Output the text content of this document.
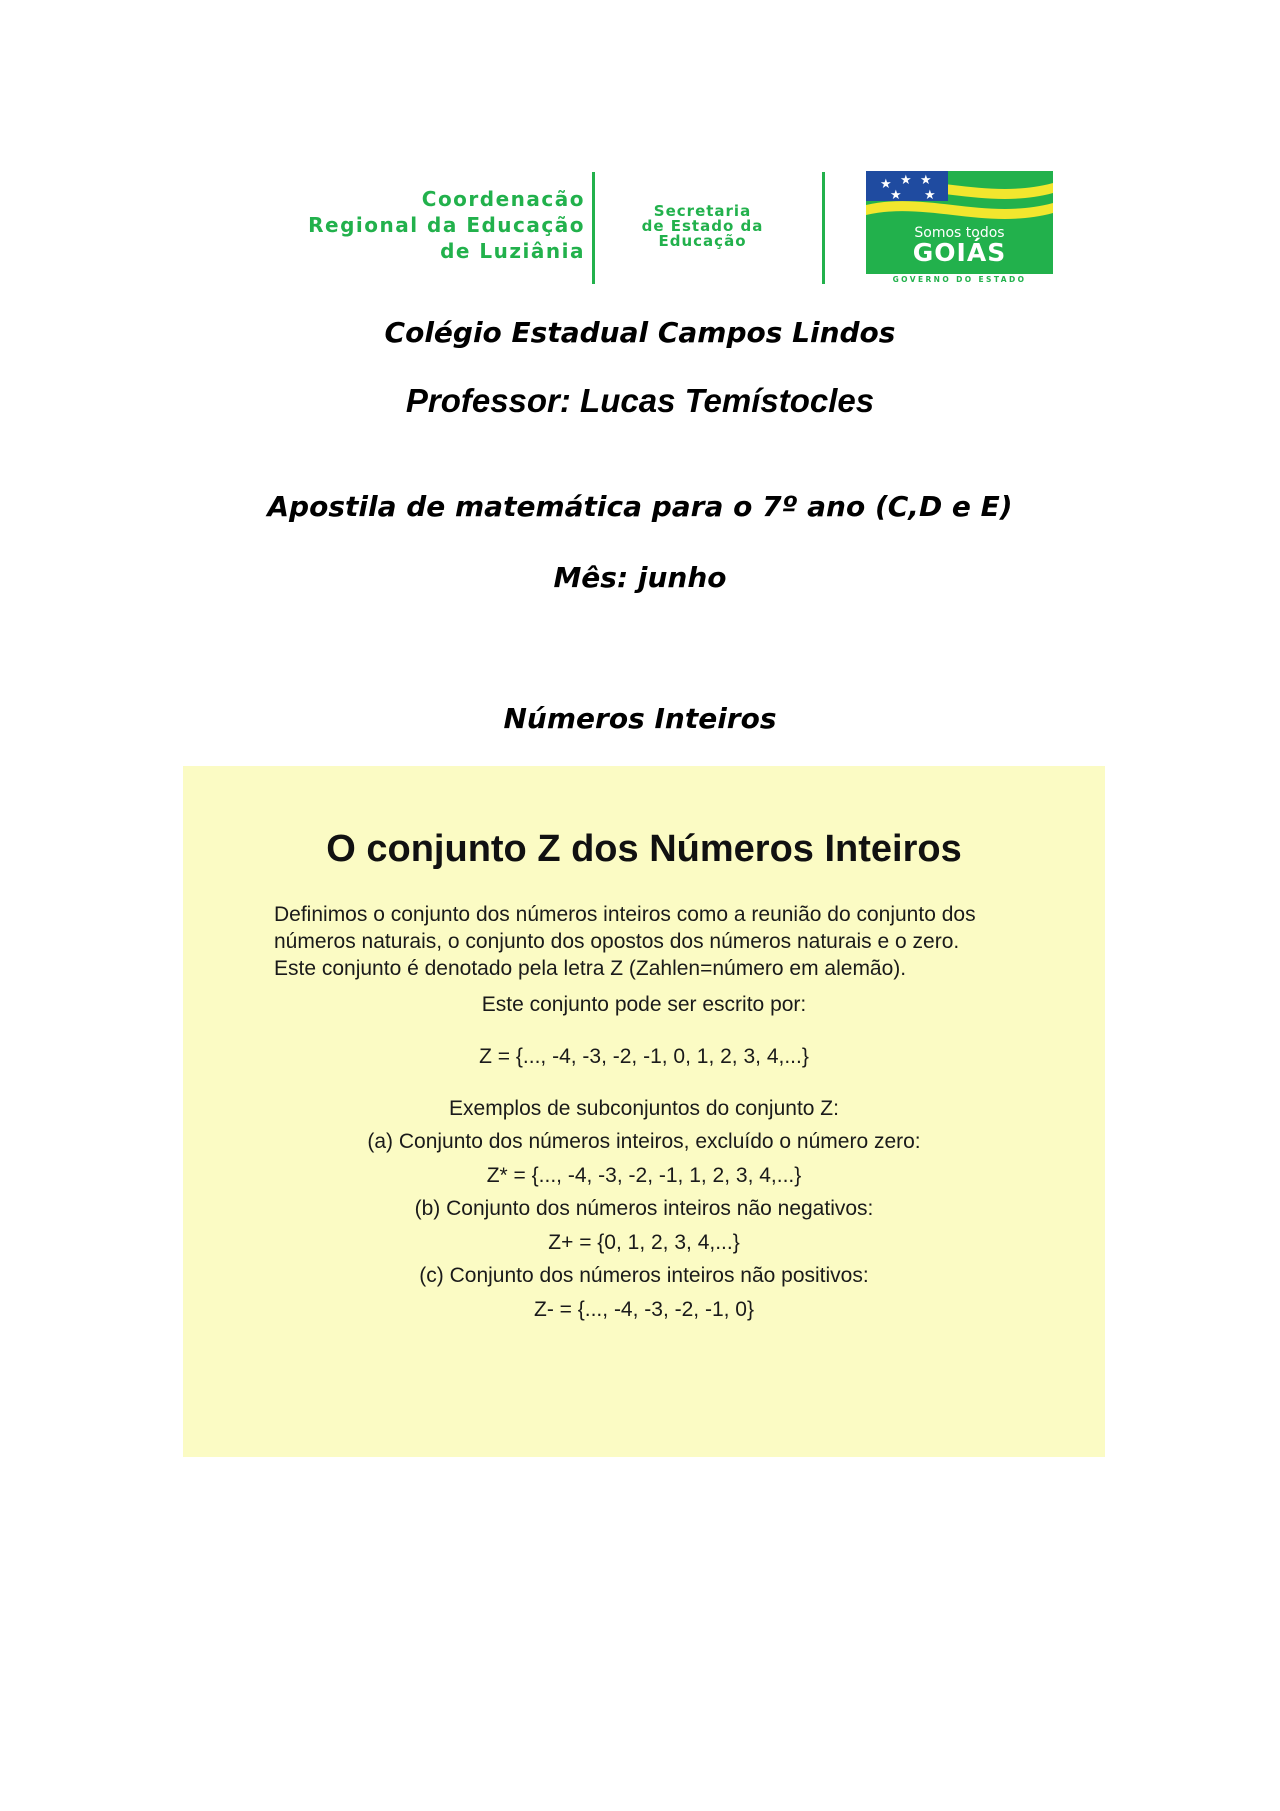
Coordenacão
Regional da Educação
de Luziânia
Secretaria
de Estado da
Educação
★ ★ ★
★ ★
Somos todos
GOIÁS
GOVERNO DO ESTADO
Colégio Estadual Campos Lindos
Professor: Lucas Temístocles
Apostila de matemática para o 7º ano (C,D e E)
Mês: junho
Números Inteiros
O conjunto Z dos Números Inteiros
Definimos o conjunto dos números inteiros como a reunião do conjunto dos
números naturais, o conjunto dos opostos dos números naturais e o zero.
Este conjunto é denotado pela letra Z (Zahlen=número em alemão).
Este conjunto pode ser escrito por:
Z = {..., -4, -3, -2, -1, 0, 1, 2, 3, 4,...}
Exemplos de subconjuntos do conjunto Z:
(a) Conjunto dos números inteiros, excluído o número zero:
Z* = {..., -4, -3, -2, -1, 1, 2, 3, 4,...}
(b) Conjunto dos números inteiros não negativos:
Z+ = {0, 1, 2, 3, 4,...}
(c) Conjunto dos números inteiros não positivos:
Z- = {..., -4, -3, -2, -1, 0}
